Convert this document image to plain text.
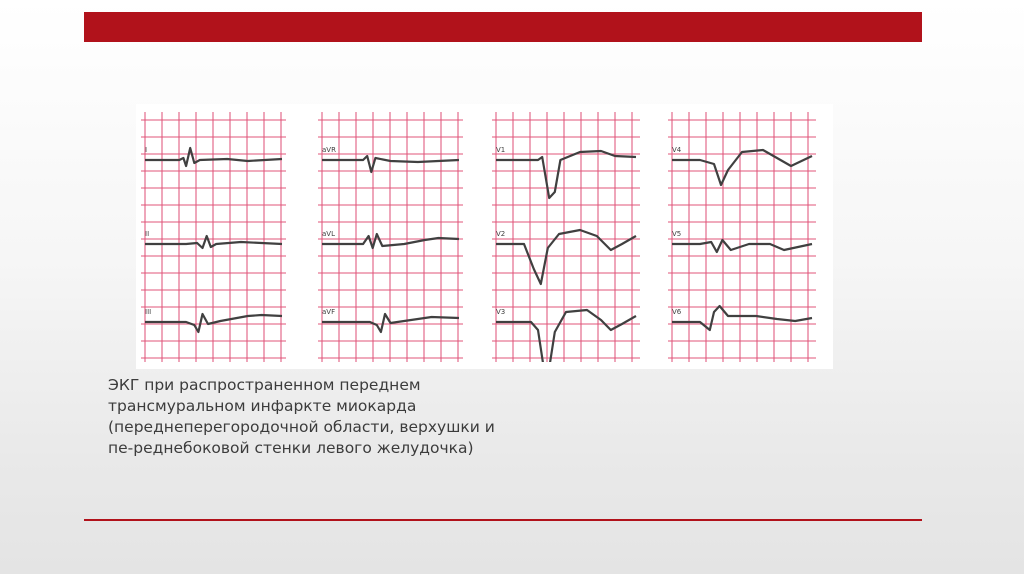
I
II
III
aVR
aVL
aVF
V1
V2
V3
V4
V5
V6
ЭКГ при распространенном переднем
трансмуральном инфаркте миокарда
(переднеперегородочной области, верхушки и
пе-реднебоковой стенки левого желудочка)
